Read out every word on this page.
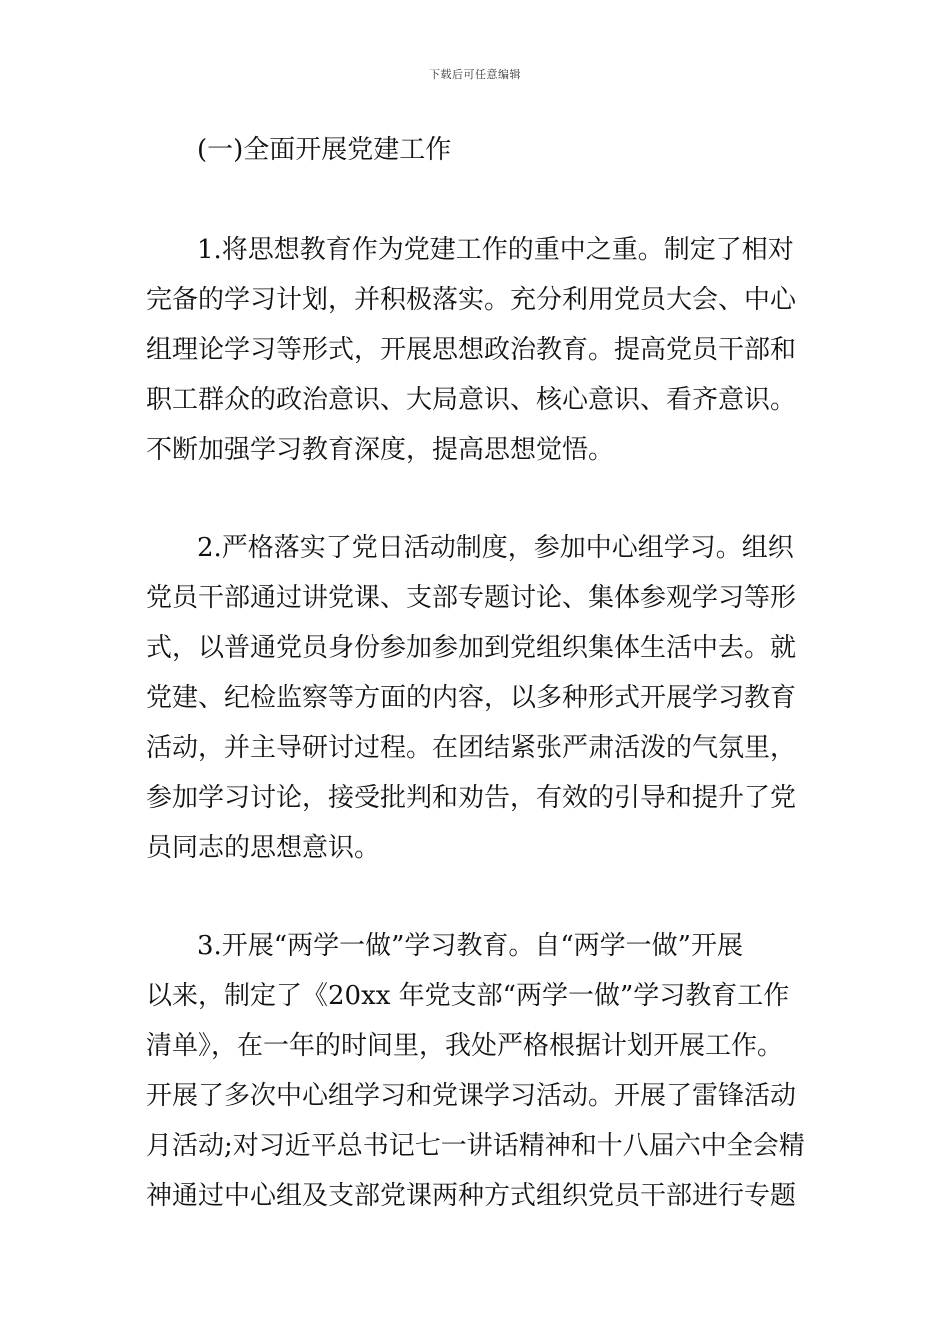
下载后可任意编辑
(一)全面开展党建工作
1.将思想教育作为党建工作的重中之重。制定了相对
完备的学习计划，并积极落实。充分利用党员大会、中心
组理论学习等形式，开展思想政治教育。提高党员干部和
职工群众的政治意识、大局意识、核心意识、看齐意识。
不断加强学习教育深度，提高思想觉悟。
2.严格落实了党日活动制度，参加中心组学习。组织
党员干部通过讲党课、支部专题讨论、集体参观学习等形
式，以普通党员身份参加参加到党组织集体生活中去。就
党建、纪检监察等方面的内容，以多种形式开展学习教育
活动，并主导研讨过程。在团结紧张严肃活泼的气氛里，
参加学习讨论，接受批判和劝告，有效的引导和提升了党
员同志的思想意识。
3.开展“两学一做”学习教育。自“两学一做”开展
以来，制定了《20xx 年党支部“两学一做”学习教育工作
清单》，在一年的时间里，我处严格根据计划开展工作。
开展了多次中心组学习和党课学习活动。开展了雷锋活动
月活动;对习近平总书记七一讲话精神和十八届六中全会精
神通过中心组及支部党课两种方式组织党员干部进行专题
